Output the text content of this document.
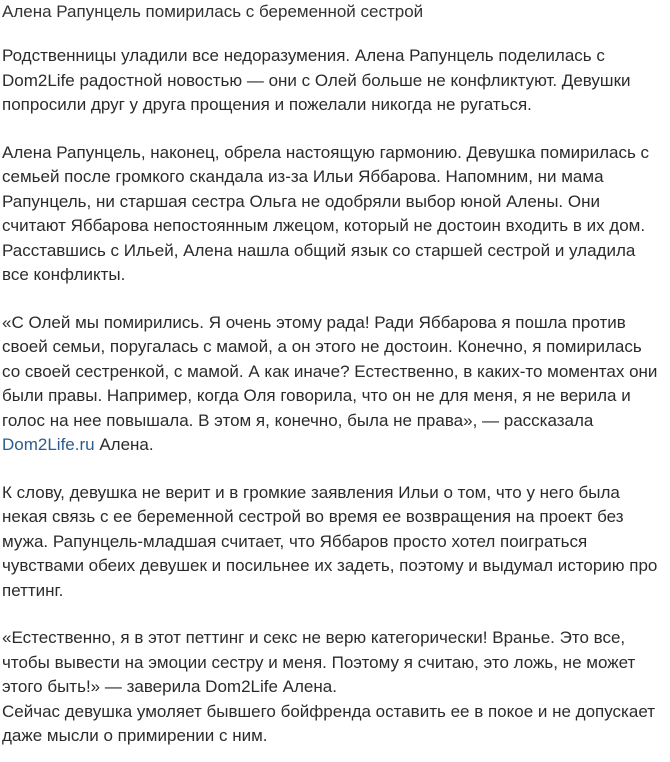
Алена Рапунцель помирилась с беременной сестрой

Родственницы уладили все недоразумения. Алена Рапунцель поделилась с Dom2Life радостной новостью — они с Олей больше не конфликтуют. Девушки попросили друг у друга прощения и пожелали никогда не ругаться.

Алена Рапунцель, наконец, обрела настоящую гармонию. Девушка помирилась с семьей после громкого скандала из-за Ильи Яббарова. Напомним, ни мама Рапунцель, ни старшая сестра Ольга не одобряли выбор юной Алены. Они считают Яббарова непостоянным лжецом, который не достоин входить в их дом. Расставшись с Ильей, Алена нашла общий язык со старшей сестрой и уладила все конфликты.

«С Олей мы помирились. Я очень этому рада! Ради Яббарова я пошла против своей семьи, поругалась с мамой, а он этого не достоин. Конечно, я помирилась со своей сестренкой, с мамой. А как иначе? Естественно, в каких-то моментах они были правы. Например, когда Оля говорила, что он не для меня, я не верила и голос на нее повышала. В этом я, конечно, была не права», — рассказала Dom2Life.ru Алена.

К слову, девушка не верит и в громкие заявления Ильи о том, что у него была некая связь с ее беременной сестрой во время ее возвращения на проект без мужа. Рапунцель-младшая считает, что Яббаров просто хотел поиграться чувствами обеих девушек и посильнее их задеть, поэтому и выдумал историю про петтинг.

«Естественно, я в этот петтинг и секс не верю категорически! Вранье. Это все, чтобы вывести на эмоции сестру и меня. Поэтому я считаю, это ложь, не может этого быть!» — заверила Dom2Life Алена.

Сейчас девушка умоляет бывшего бойфренда оставить ее в покое и не допускает даже мысли о примирении с ним.
